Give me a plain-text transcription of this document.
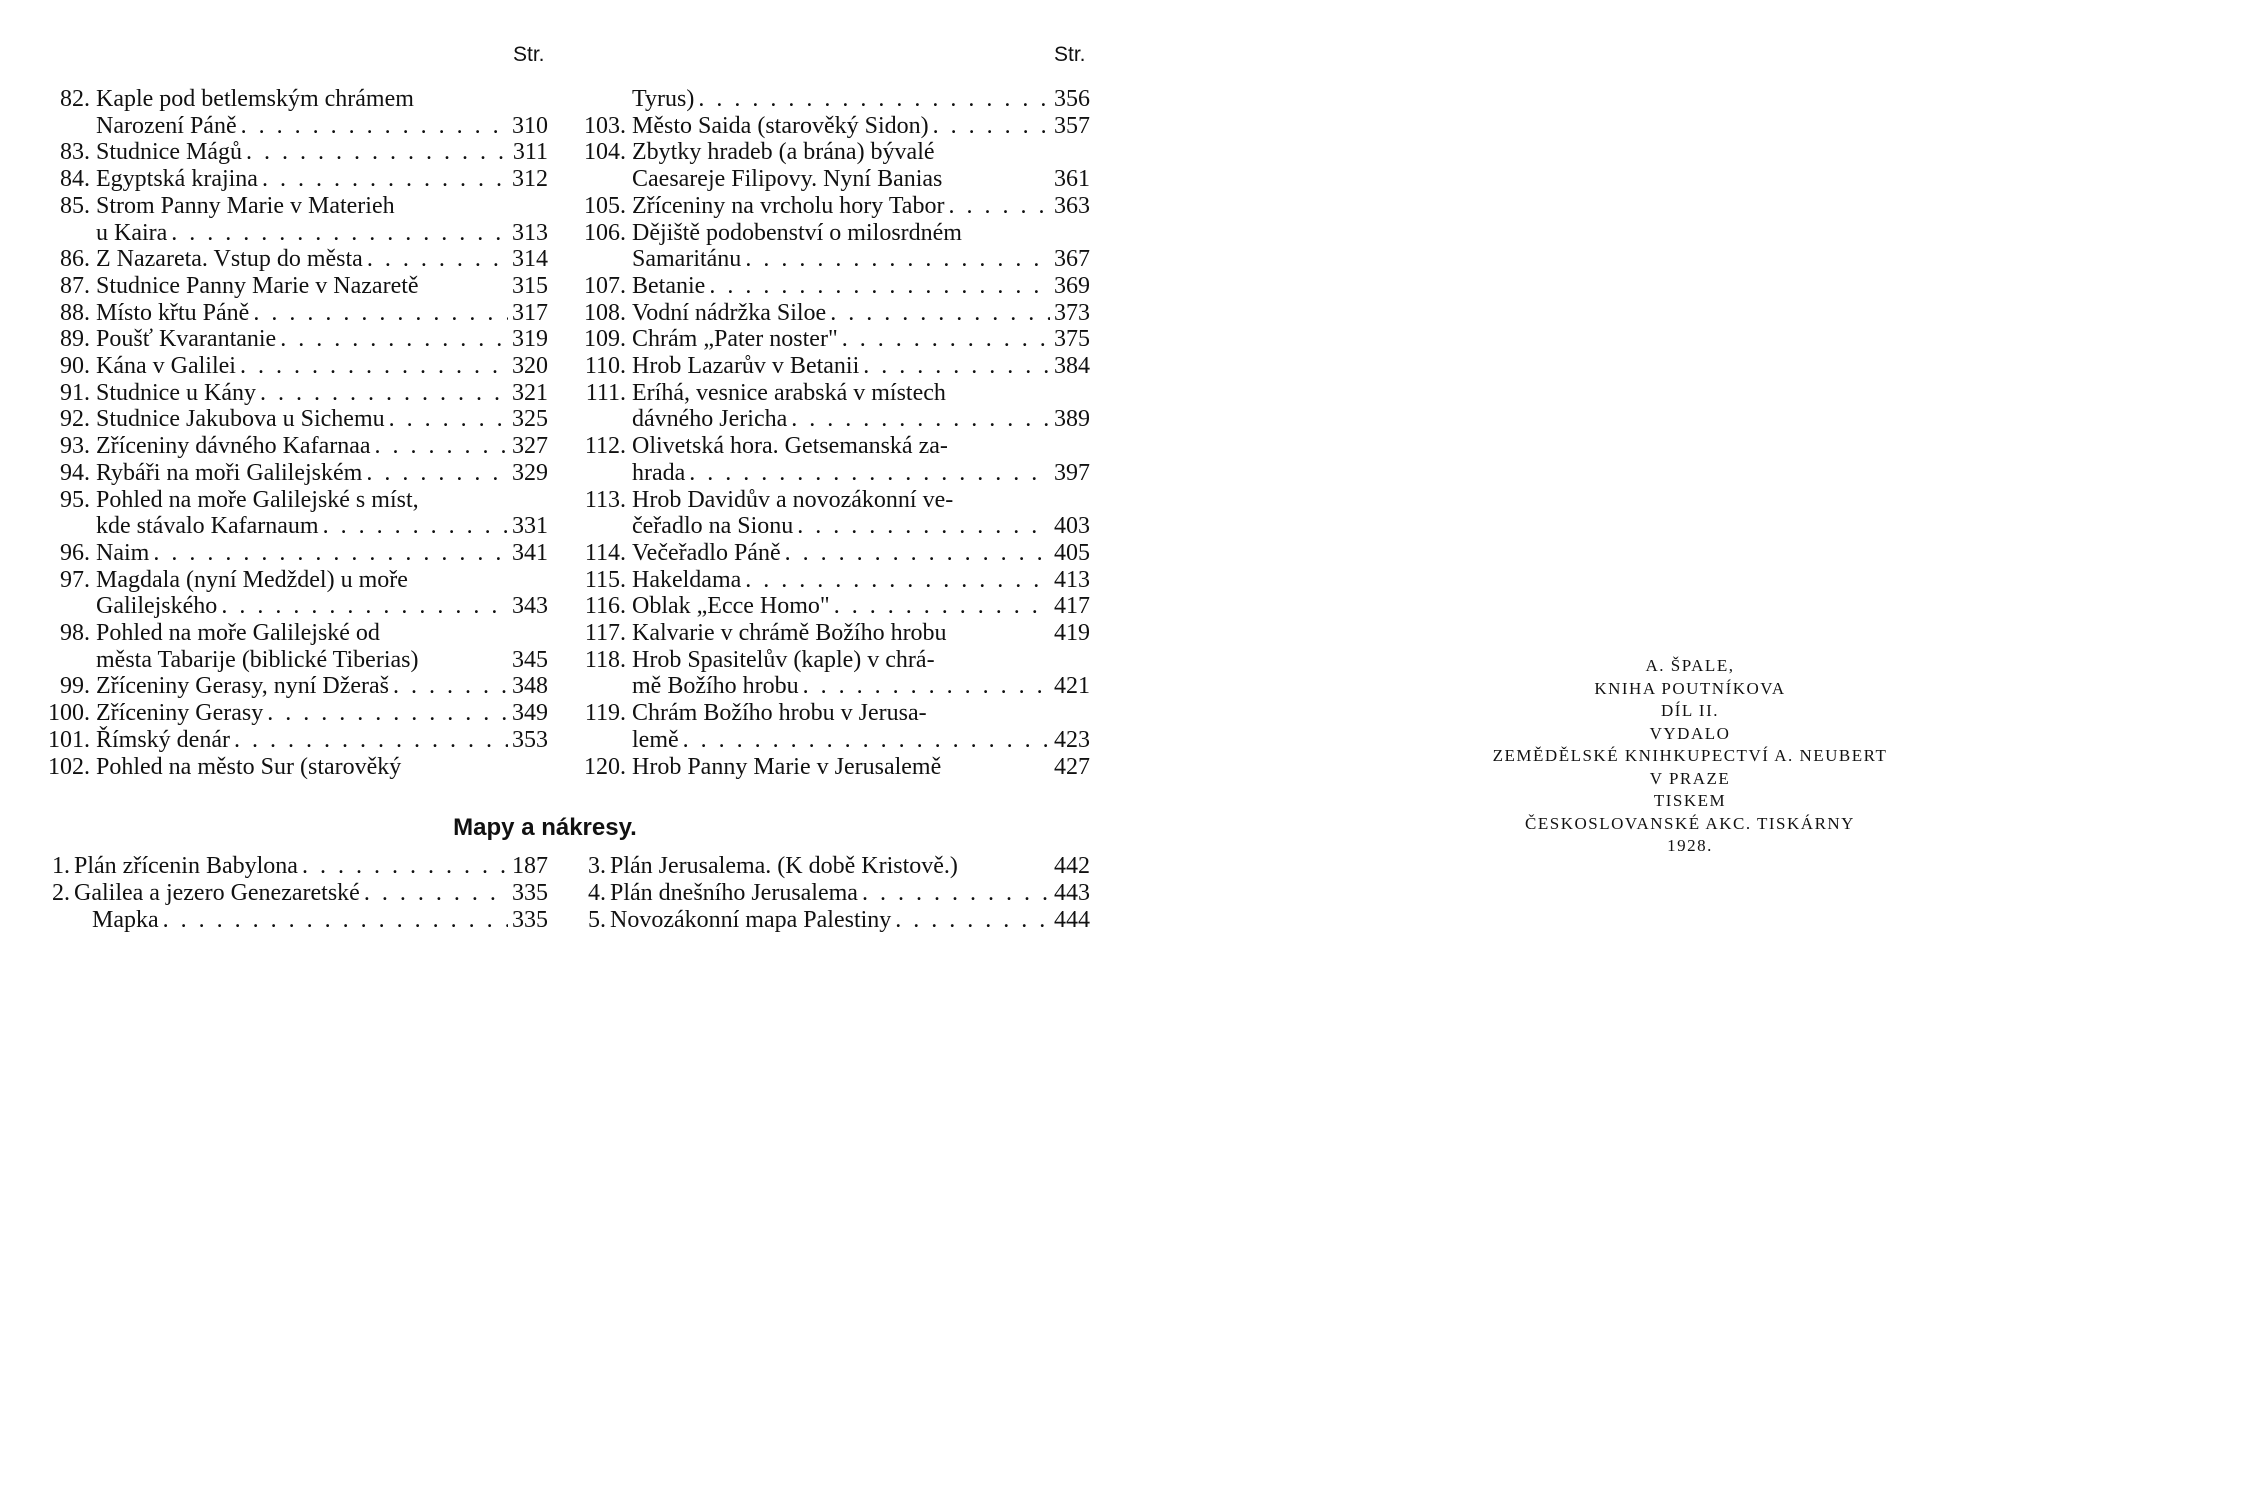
Str.	Str.
82. Kaple pod betlemským chrámem
Narození Páně . . .	310
83. Studnice Mágů . . .	311
84. Egyptská krajina . . .	312
85. Strom Panny Marie v Materieh
u Kaira . . .	313
86. Z Nazareta. Vstup do města . . .	314
87. Studnice Panny Marie v Nazaretě	315
88. Místo křtu Páně . . .	317
89. Poušť Kvarantanie . . .	319
90. Kána v Galilei . . .	320
91. Studnice u Kány . . .	321
92. Studnice Jakubova u Sichemu . . .	325
93. Zříceniny dávného Kafarnaa . . .	327
94. Rybáři na moři Galilejském . . .	329
95. Pohled na moře Galilejské s míst,
kde stávalo Kafarnaum . . .	331
96. Naim . . .	341
97. Magdala (nyní Medždel) u moře
Galilejského . . .	343
98. Pohled na moře Galilejské od
města Tabarije (biblické Tiberias)	345
99. Zříceniny Gerasy, nyní Džeraš . . .	348
100. Zříceniny Gerasy . . .	349
101. Římský denár . . .	353
102. Pohled na město Sur (starověký
Tyrus) . . .	356
103. Město Saida (starověký Sidon) . . .	357
104. Zbytky hradeb (a brána) bývalé
Caesareje Filipovy. Nyní Banias	361
105. Zříceniny na vrcholu hory Tabor . . .	363
106. Dějiště podobenství o milosrdném
Samaritánu . . .	367
107. Betanie . . .	369
108. Vodní nádržka Siloe . . .	373
109. Chrám „Pater noster" . . .	375
110. Hrob Lazarův v Betanii . . .	384
111. Eríhá, vesnice arabská v místech
dávného Jericha . . .	389
112. Olivetská hora. Getsemanská za-
hrada . . .	397
113. Hrob Davidův a novozákonní ve-
čeřadlo na Sionu . . .	403
114. Večeřadlo Páně . . .	405
115. Hakeldama . . .	413
116. Oblak „Ecce Homo" . . .	417
117. Kalvarie v chrámě Božího hrobu	419
118. Hrob Spasitelův (kaple) v chrá-
mě Božího hrobu . . .	421
119. Chrám Božího hrobu v Jerusa-
lemě . . .	423
120. Hrob Panny Marie v Jerusalemě	427
Mapy a nákresy.
1. Plán zřícenin Babylona . . .	187
2. Galilea a jezero Genezaretské . . .	335
Mapka . . .	335
3. Plán Jerusalema. (K době Kristově.)	442
4. Plán dnešního Jerusalema . . .	443
5. Novozákonní mapa Palestiny . . .	444
A. ŠPALE,
KNIHA POUTNÍKOVA
DÍL II.
VYDALO
ZEMĚDĚLSKÉ KNIHKUPECTVÍ A. NEUBERT
V PRAZE
TISKEM
ČESKOSLOVANSKÉ AKC. TISKÁRNY
1928.
